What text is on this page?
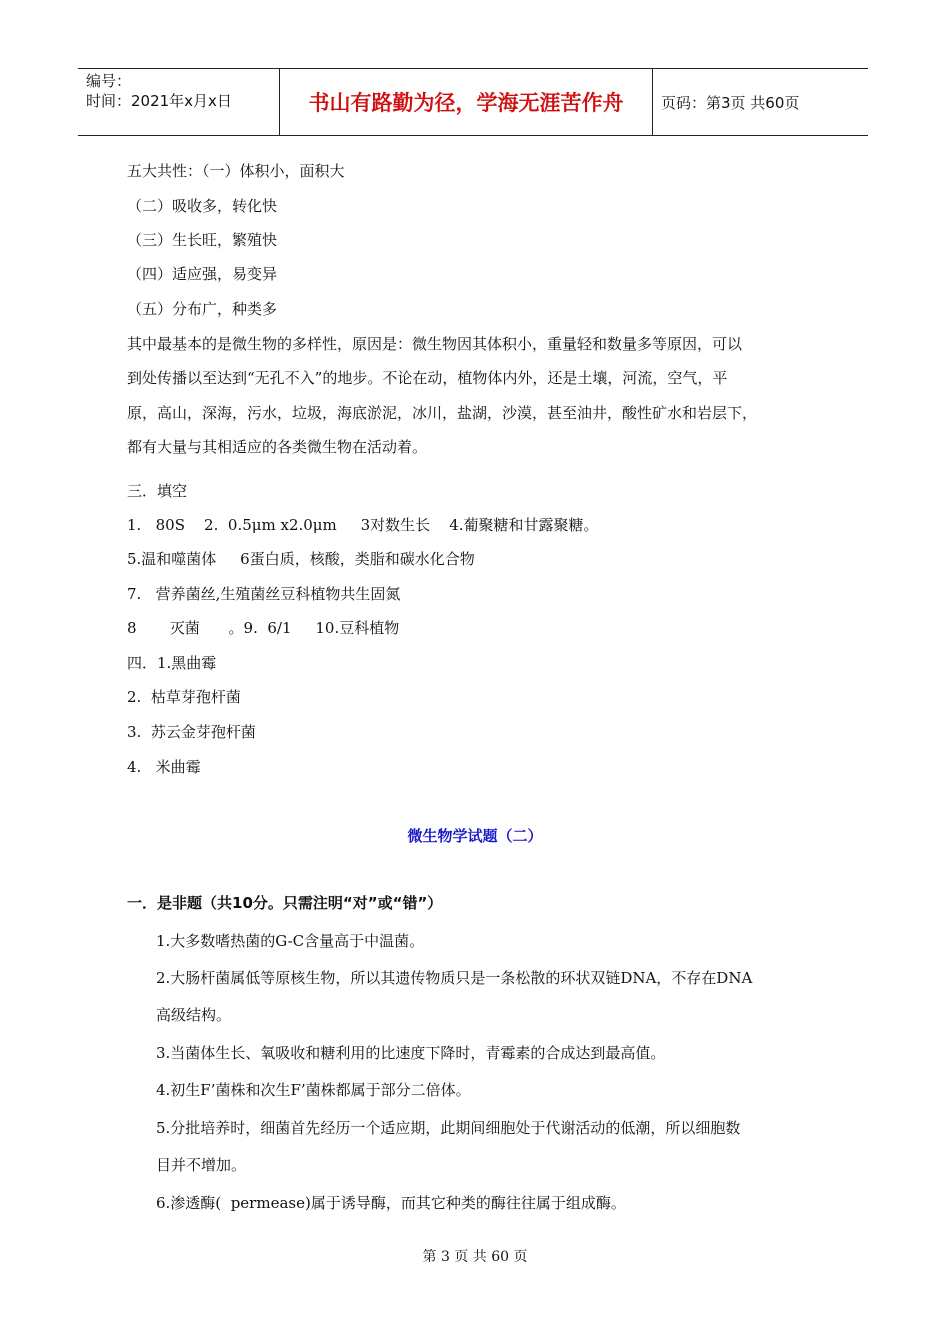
编号：
时间：2021年x月x日	书山有路勤为径，学海无涯苦作舟	页码：第3页 共60页
五大共性：（一）体积小，面积大
（二）吸收多，转化快
（三）生长旺，繁殖快
（四）适应强，易变异
（五）分布广，种类多
其中最基本的是微生物的多样性，原因是：微生物因其体积小，重量轻和数量多等原因，可以
到处传播以至达到“无孔不入”的地步。不论在动，植物体内外，还是土壤，河流，空气，平
原，高山，深海，污水，垃圾，海底淤泥，冰川，盐湖，沙漠，甚至油井，酸性矿水和岩层下，
都有大量与其相适应的各类微生物在活动着。
三．填空
1.   80S    2.  0.5μm x2.0μm     3对数生长    4.葡聚糖和甘露聚糖。
5.温和噬菌体     6蛋白质，核酸，类脂和碳水化合物
7.   营养菌丝,生殖菌丝豆科植物共生固氮
8       灭菌      。9.  6/1     10.豆科植物
四．1.黑曲霉
2.  枯草芽孢杆菌
3.  苏云金芽孢杆菌
4.   米曲霉
微生物学试题（二）
一．是非题（共10分。只需注明“对”或“错”）
1.大多数嗜热菌的G-C含量高于中温菌。
2.大肠杆菌属低等原核生物，所以其遗传物质只是一条松散的环状双链DNA，不存在DNA
高级结构。
3.当菌体生长、氧吸收和糖利用的比速度下降时，青霉素的合成达到最高值。
4.初生F’菌株和次生F’菌株都属于部分二倍体。
5.分批培养时，细菌首先经历一个适应期，此期间细胞处于代谢活动的低潮，所以细胞数
目并不增加。
6.渗透酶(  permease)属于诱导酶，而其它种类的酶往往属于组成酶。
第 3 页 共 60 页
